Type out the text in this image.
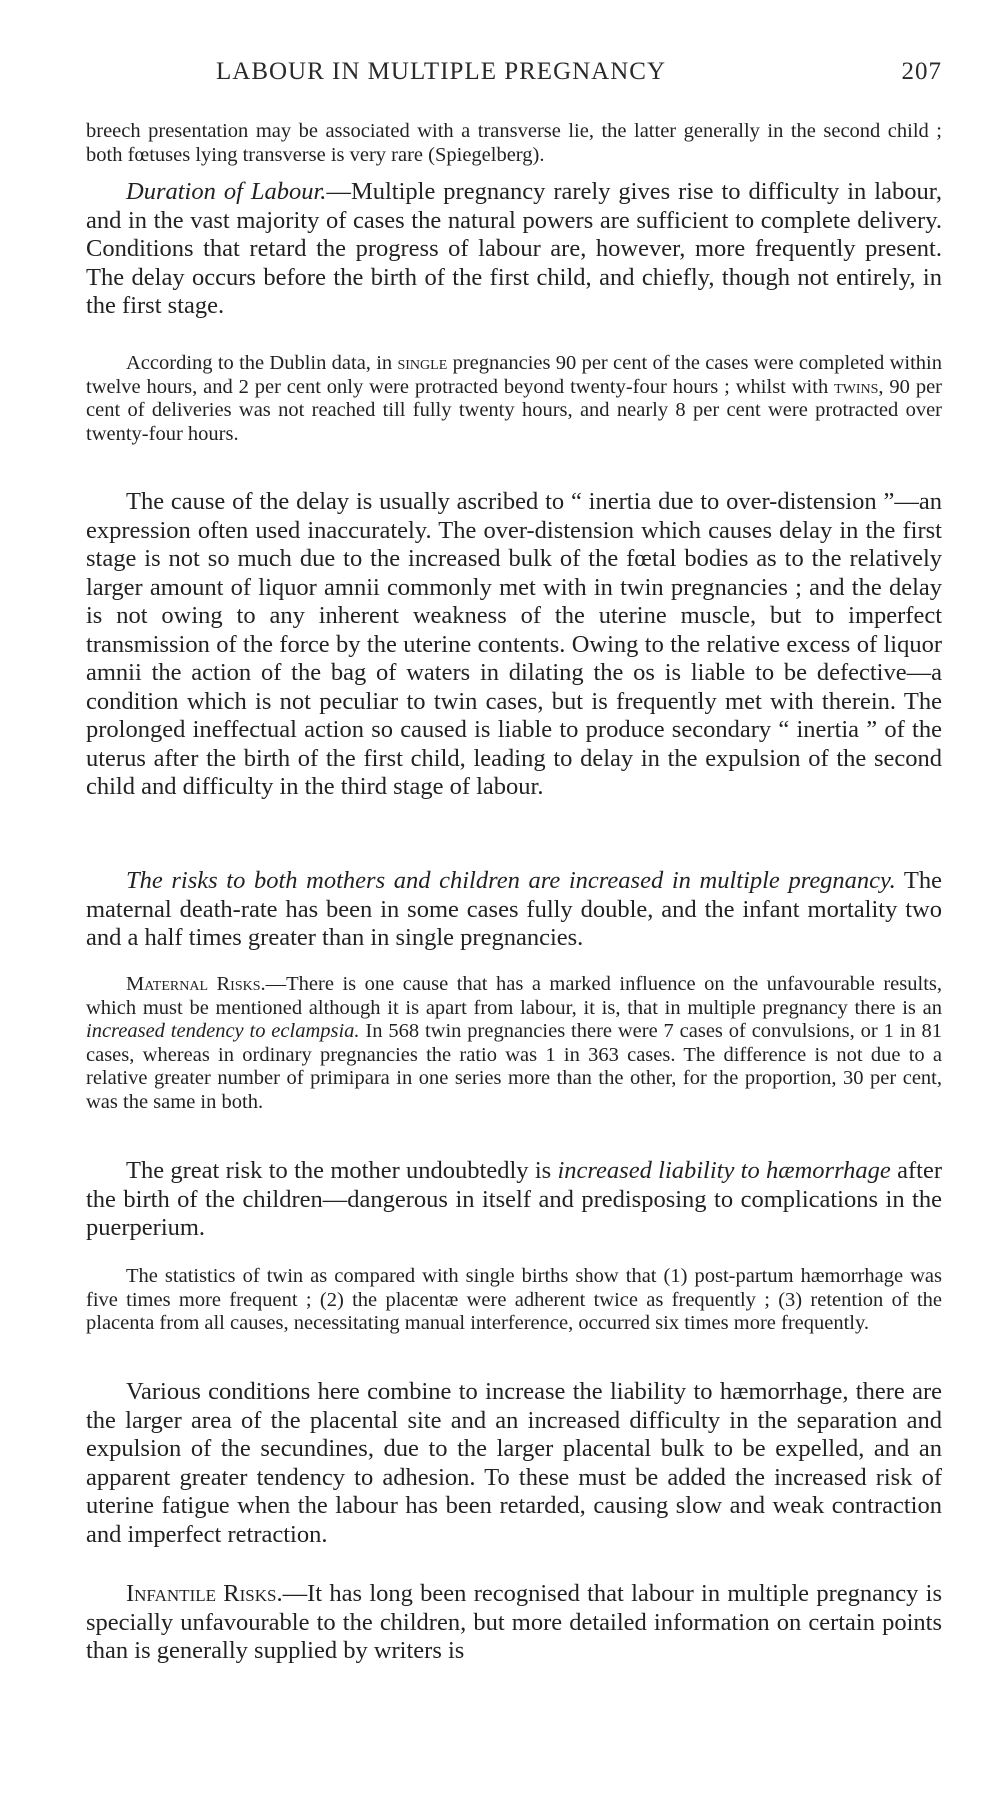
LABOUR IN MULTIPLE PREGNANCY	207

breech presentation may be associated with a transverse lie, the latter generally in the second child ; both fœtuses lying transverse is very rare (Spiegelberg).

Duration of Labour.—Multiple pregnancy rarely gives rise to difficulty in labour, and in the vast majority of cases the natural powers are sufficient to complete delivery. Conditions that retard the progress of labour are, however, more frequently present. The delay occurs before the birth of the first child, and chiefly, though not entirely, in the first stage.

According to the Dublin data, in single pregnancies 90 per cent of the cases were completed within twelve hours, and 2 per cent only were protracted beyond twenty-four hours ; whilst with twins, 90 per cent of deliveries was not reached till fully twenty hours, and nearly 8 per cent were protracted over twenty-four hours.

The cause of the delay is usually ascribed to “ inertia due to over-distension ”—an expression often used inaccurately. The over-distension which causes delay in the first stage is not so much due to the increased bulk of the fœtal bodies as to the relatively larger amount of liquor amnii commonly met with in twin pregnancies ; and the delay is not owing to any inherent weakness of the uterine muscle, but to imperfect transmission of the force by the uterine contents. Owing to the relative excess of liquor amnii the action of the bag of waters in dilating the os is liable to be defective—a condition which is not peculiar to twin cases, but is frequently met with therein. The prolonged ineffectual action so caused is liable to produce secondary “ inertia ” of the uterus after the birth of the first child, leading to delay in the expulsion of the second child and difficulty in the third stage of labour.

The risks to both mothers and children are increased in multiple pregnancy. The maternal death-rate has been in some cases fully double, and the infant mortality two and a half times greater than in single pregnancies.

Maternal Risks.—There is one cause that has a marked influence on the unfavourable results, which must be mentioned although it is apart from labour, it is, that in multiple pregnancy there is an increased tendency to eclampsia. In 568 twin pregnancies there were 7 cases of convulsions, or 1 in 81 cases, whereas in ordinary pregnancies the ratio was 1 in 363 cases. The difference is not due to a relative greater number of primipara in one series more than the other, for the proportion, 30 per cent, was the same in both.

The great risk to the mother undoubtedly is increased liability to hæmorrhage after the birth of the children—dangerous in itself and predisposing to complications in the puerperium.

The statistics of twin as compared with single births show that (1) post-partum hæmorrhage was five times more frequent ; (2) the placentæ were adherent twice as frequently ; (3) retention of the placenta from all causes, necessitating manual interference, occurred six times more frequently.

Various conditions here combine to increase the liability to hæmorrhage, there are the larger area of the placental site and an increased difficulty in the separation and expulsion of the secundines, due to the larger placental bulk to be expelled, and an apparent greater tendency to adhesion. To these must be added the increased risk of uterine fatigue when the labour has been retarded, causing slow and weak contraction and imperfect retraction.

Infantile Risks.—It has long been recognised that labour in multiple pregnancy is specially unfavourable to the children, but more detailed information on certain points than is generally supplied by writers is
